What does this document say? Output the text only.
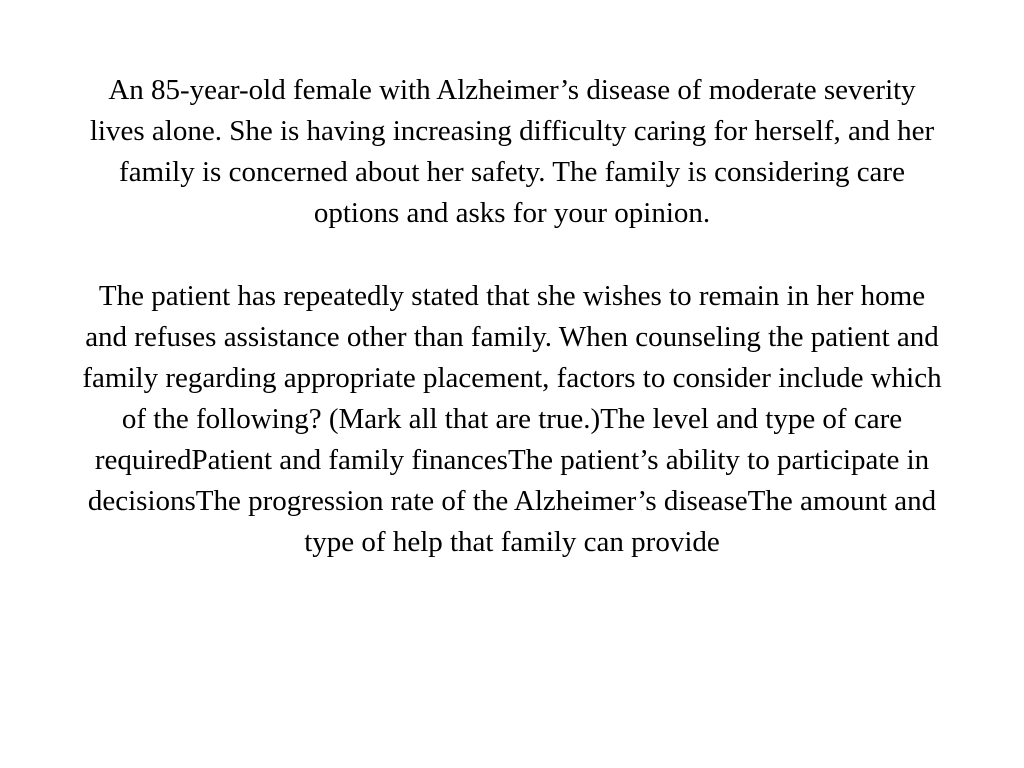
An 85-year-old female with Alzheimer’s disease of moderate severity lives alone. She is having increasing difficulty caring for herself, and her family is concerned about her safety. The family is considering care options and asks for your opinion.

The patient has repeatedly stated that she wishes to remain in her home and refuses assistance other than family. When counseling the patient and family regarding appropriate placement, factors to consider include which of the following? (Mark all that are true.)The level and type of care requiredPatient and family financesThe patient’s ability to participate in decisionsThe progression rate of the Alzheimer’s diseaseThe amount and type of help that family can provide
